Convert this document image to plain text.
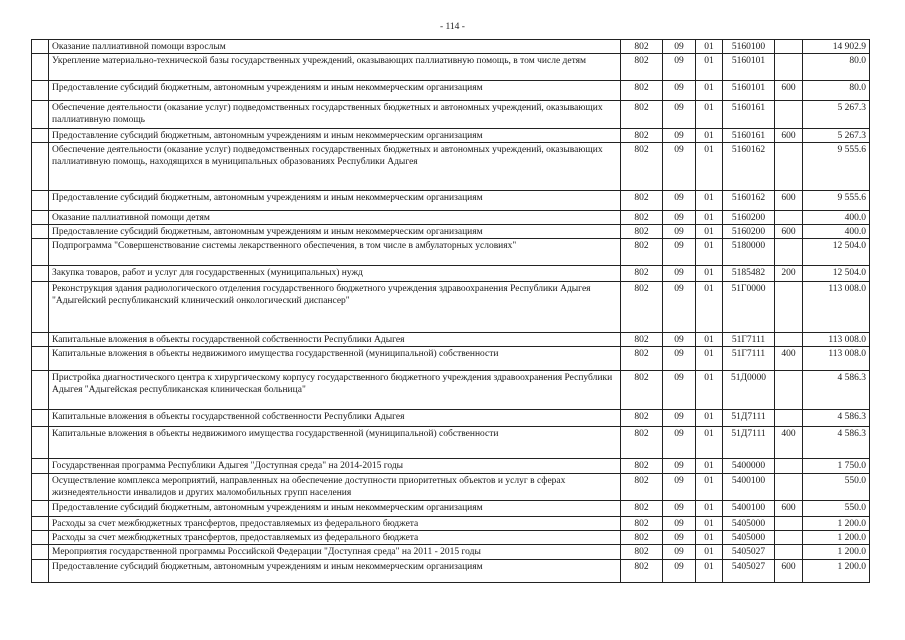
- 114 -
	Оказание паллиативной помощи взрослым	802	09	01	5160100		14 902.9
	Укрепление материально-технической базы государственных учреждений, оказывающих паллиативную помощь, в том числе детям	802	09	01	5160101		80.0
	Предоставление субсидий бюджетным, автономным учреждениям и иным некоммерческим организациям	802	09	01	5160101	600	80.0
	Обеспечение деятельности (оказание услуг) подведомственных государственных бюджетных и автономных учреждений, оказывающих паллиативную помощь	802	09	01	5160161		5 267.3
	Предоставление субсидий бюджетным, автономным учреждениям и иным некоммерческим организациям	802	09	01	5160161	600	5 267.3
	Обеспечение деятельности (оказание услуг) подведомственных государственных бюджетных и автономных учреждений, оказывающих паллиативную помощь, находящихся в муниципальных образованиях Республики Адыгея	802	09	01	5160162		9 555.6
	Предоставление субсидий бюджетным, автономным учреждениям и иным некоммерческим организациям	802	09	01	5160162	600	9 555.6
	Оказание паллиативной помощи детям	802	09	01	5160200		400.0
	Предоставление субсидий бюджетным, автономным учреждениям и иным некоммерческим организациям	802	09	01	5160200	600	400.0
	Подпрограмма "Совершенствование системы лекарственного обеспечения, в том числе в амбулаторных условиях"	802	09	01	5180000		12 504.0
	Закупка товаров, работ и услуг для государственных (муниципальных) нужд	802	09	01	5185482	200	12 504.0
	Реконструкция здания радиологического отделения государственного бюджетного учреждения здравоохранения Республики Адыгея "Адыгейский республиканский клинический онкологический диспансер"	802	09	01	51Г0000		113 008.0
	Капитальные вложения в объекты государственной собственности Республики Адыгея	802	09	01	51Г7111		113 008.0
	Капитальные вложения в объекты недвижимого имущества государственной (муниципальной) собственности	802	09	01	51Г7111	400	113 008.0
	Пристройка диагностического центра к хирургическому корпусу государственного бюджетного учреждения здравоохранения Республики Адыгея "Адыгейская республиканская клиническая больница"	802	09	01	51Д0000		4 586.3
	Капитальные вложения в объекты государственной собственности Республики Адыгея	802	09	01	51Д7111		4 586.3
	Капитальные вложения в объекты недвижимого имущества государственной (муниципальной) собственности	802	09	01	51Д7111	400	4 586.3
	Государственная программа Республики Адыгея "Доступная среда" на 2014-2015 годы	802	09	01	5400000		1 750.0
	Осуществление комплекса мероприятий, направленных на обеспечение доступности приоритетных объектов и услуг в сферах жизнедеятельности инвалидов и других маломобильных групп населения	802	09	01	5400100		550.0
	Предоставление субсидий бюджетным, автономным учреждениям и иным некоммерческим организациям	802	09	01	5400100	600	550.0
	Расходы за счет межбюджетных трансфертов, предоставляемых из федерального бюджета	802	09	01	5405000		1 200.0
	Расходы за счет межбюджетных трансфертов, предоставляемых из федерального бюджета	802	09	01	5405000		1 200.0
	Мероприятия государственной программы Российской Федерации "Доступная среда" на 2011 - 2015 годы	802	09	01	5405027		1 200.0
	Предоставление субсидий бюджетным, автономным учреждениям и иным некоммерческим организациям	802	09	01	5405027	600	1 200.0
